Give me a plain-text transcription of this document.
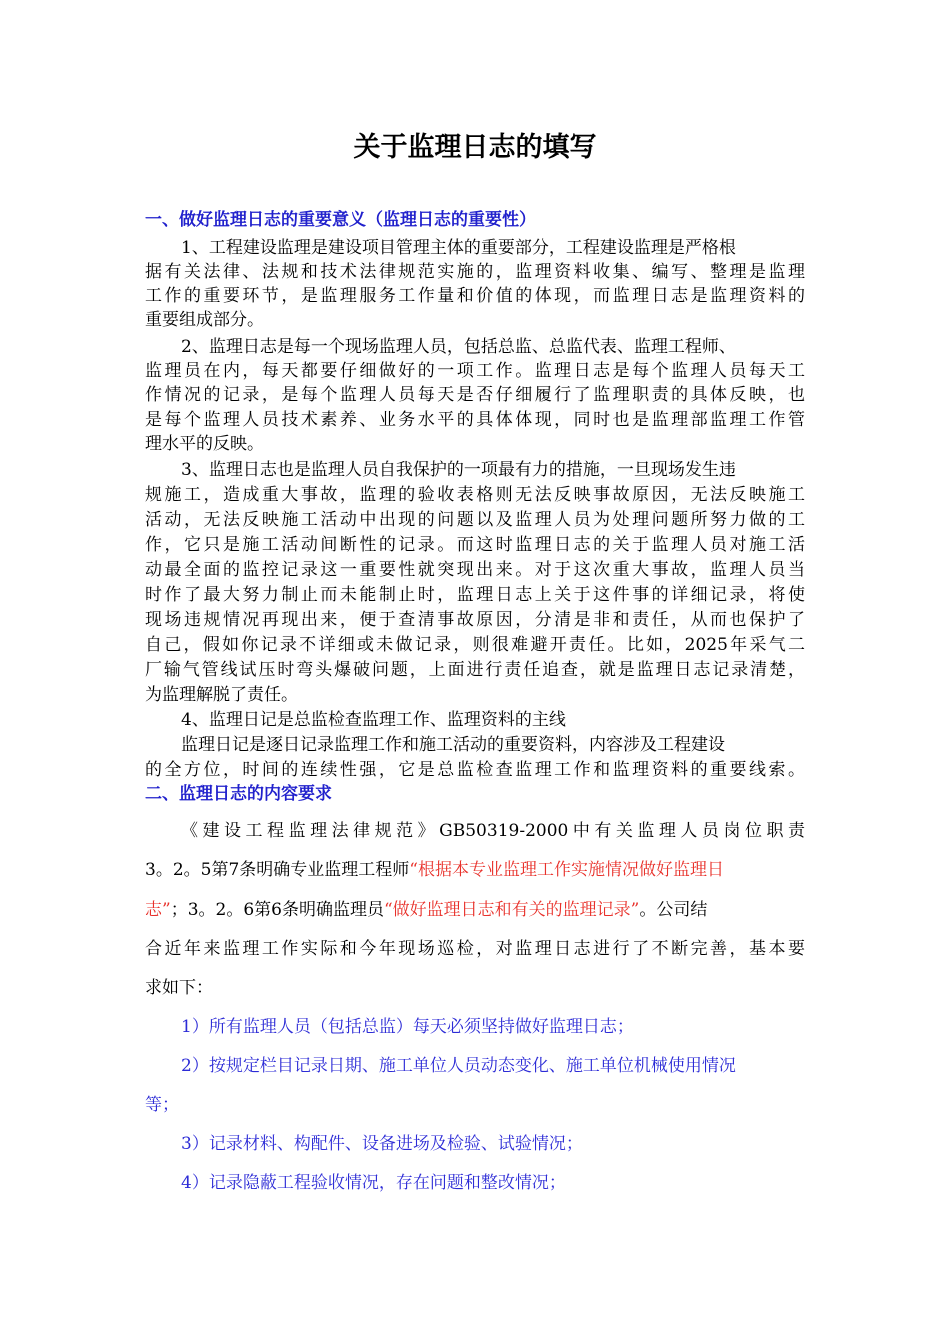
关于监理日志的填写
一、做好监理日志的重要意义（监理日志的重要性）
1、工程建设监理是建设项目管理主体的重要部分，工程建设监理是严格根
据有关法律、法规和技术法律规范实施的，监理资料收集、编写、整理是监理
工作的重要环节，是监理服务工作量和价值的体现，而监理日志是监理资料的
重要组成部分。
2、监理日志是每一个现场监理人员，包括总监、总监代表、监理工程师、
监理员在内，每天都要仔细做好的一项工作。监理日志是每个监理人员每天工
作情况的记录，是每个监理人员每天是否仔细履行了监理职责的具体反映，也
是每个监理人员技术素养、业务水平的具体体现，同时也是监理部监理工作管
理水平的反映。
3、监理日志也是监理人员自我保护的一项最有力的措施，一旦现场发生违
规施工，造成重大事故，监理的验收表格则无法反映事故原因，无法反映施工
活动，无法反映施工活动中出现的问题以及监理人员为处理问题所努力做的工
作，它只是施工活动间断性的记录。而这时监理日志的关于监理人员对施工活
动最全面的监控记录这一重要性就突现出来。对于这次重大事故，监理人员当
时作了最大努力制止而未能制止时，监理日志上关于这件事的详细记录，将使
现场违规情况再现出来，便于查清事故原因，分清是非和责任，从而也保护了
自己，假如你记录不详细或未做记录，则很难避开责任。比如，2025年采气二
厂输气管线试压时弯头爆破问题，上面进行责任追查，就是监理日志记录清楚，
为监理解脱了责任。
4、监理日记是总监检查监理工作、监理资料的主线
监理日记是逐日记录监理工作和施工活动的重要资料，内容涉及工程建设
的全方位，时间的连续性强，它是总监检查监理工作和监理资料的重要线索。
二、监理日志的内容要求
《建设工程监理法律规范》GB50319-2000中有关监理人员岗位职责
3。2。5第7条明确专业监理工程师“根据本专业监理工作实施情况做好监理日
志”；3。2。6第6条明确监理员“做好监理日志和有关的监理记录”。公司结
合近年来监理工作实际和今年现场巡检，对监理日志进行了不断完善，基本要
求如下：
1）所有监理人员（包括总监）每天必须坚持做好监理日志；
2）按规定栏目记录日期、施工单位人员动态变化、施工单位机械使用情况
等；
3）记录材料、构配件、设备进场及检验、试验情况；
4）记录隐蔽工程验收情况，存在问题和整改情况；
